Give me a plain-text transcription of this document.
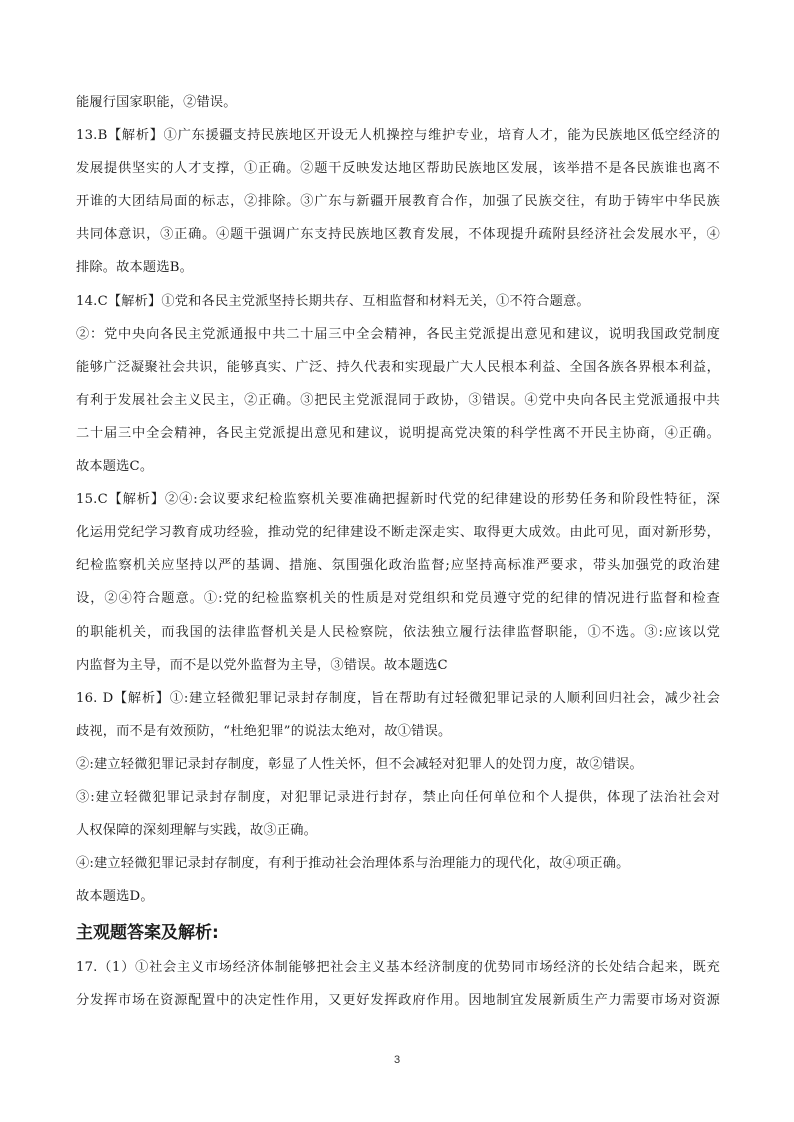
能履行国家职能，②错误。
13.B【解析】①广东援疆支持民族地区开设无人机操控与维护专业，培育人才，能为民族地区低空经济的
发展提供坚实的人才支撑，①正确。②题干反映发达地区帮助民族地区发展，该举措不是各民族谁也离不
开谁的大团结局面的标志，②排除。③广东与新疆开展教育合作，加强了民族交往，有助于铸牢中华民族
共同体意识，③正确。④题干强调广东支持民族地区教育发展，不体现提升疏附县经济社会发展水平，④
排除。故本题选B。
14.C【解析】①党和各民主党派坚持长期共存、互相监督和材料无关，①不符合题意。
②：党中央向各民主党派通报中共二十届三中全会精神，各民主党派提出意见和建议，说明我国政党制度
能够广泛凝聚社会共识，能够真实、广泛、持久代表和实现最广大人民根本利益、全国各族各界根本利益，
有利于发展社会主义民主，②正确。③把民主党派混同于政协，③错误。④党中央向各民主党派通报中共
二十届三中全会精神，各民主党派提出意见和建议，说明提高党决策的科学性离不开民主协商，④正确。
故本题选C。
15.C【解析】②④:会议要求纪检监察机关要准确把握新时代党的纪律建设的形势任务和阶段性特征，深
化运用党纪学习教育成功经验，推动党的纪律建设不断走深走实、取得更大成效。由此可见，面对新形势，
纪检监察机关应坚持以严的基调、措施、氛围强化政治监督;应坚持高标准严要求，带头加强党的政治建
设，②④符合题意。①:党的纪检监察机关的性质是对党组织和党员遵守党的纪律的情况进行监督和检查
的职能机关，而我国的法律监督机关是人民检察院，依法独立履行法律监督职能，①不选。③:应该以党
内监督为主导，而不是以党外监督为主导，③错误。故本题选C
16. D【解析】①:建立轻微犯罪记录封存制度，旨在帮助有过轻微犯罪记录的人顺利回归社会，减少社会
歧视，而不是有效预防，“杜绝犯罪”的说法太绝对，故①错误。
②:建立轻微犯罪记录封存制度，彰显了人性关怀，但不会减轻对犯罪人的处罚力度，故②错误。
③:建立轻微犯罪记录封存制度，对犯罪记录进行封存，禁止向任何单位和个人提供，体现了法治社会对
人权保障的深刻理解与实践，故③正确。
④:建立轻微犯罪记录封存制度，有利于推动社会治理体系与治理能力的现代化，故④项正确。
故本题选D。
主观题答案及解析:
17.（1）①社会主义市场经济体制能够把社会主义基本经济制度的优势同市场经济的长处结合起来，既充
分发挥市场在资源配置中的决定性作用，又更好发挥政府作用。因地制宜发展新质生产力需要市场对资源
3
